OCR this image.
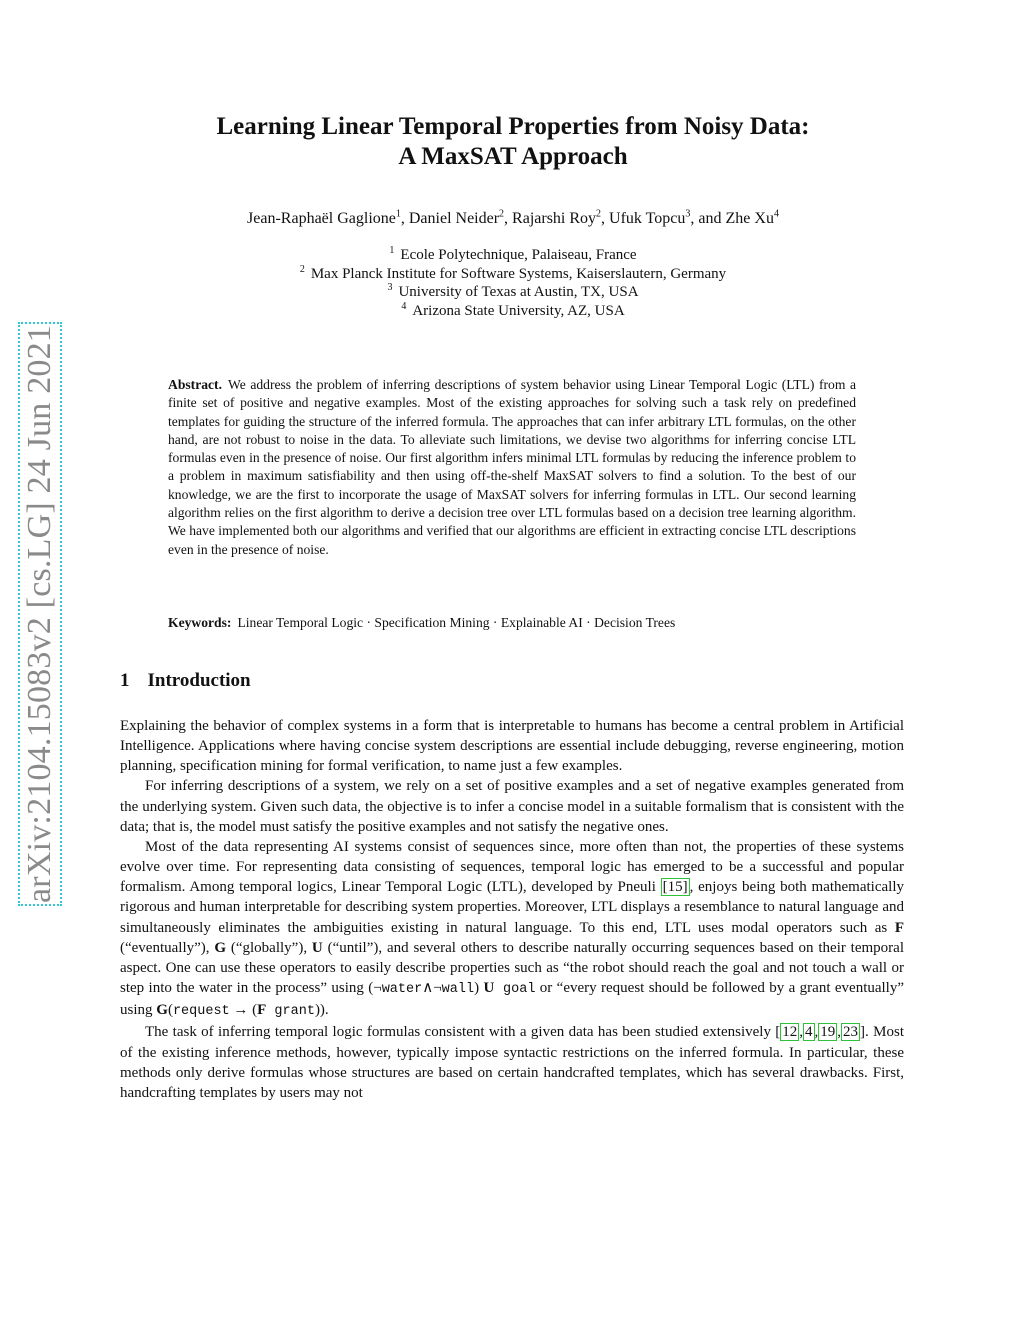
arXiv:2104.15083v2 [cs.LG] 24 Jun 2021
Learning Linear Temporal Properties from Noisy Data:
A MaxSAT Approach
Jean-Raphaël Gaglione$^1$, Daniel Neider$^2$, Rajarshi Roy$^2$, Ufuk Topcu$^3$, and Zhe Xu$^4$
$^1$ Ecole Polytechnique, Palaiseau, France
$^2$ Max Planck Institute for Software Systems, Kaiserslautern, Germany
$^3$ University of Texas at Austin, TX, USA
$^4$ Arizona State University, AZ, USA
Abstract. We address the problem of inferring descriptions of system behavior using Linear Temporal Logic (LTL) from a finite set of positive and negative examples. Most of the existing approaches for solving such a task rely on predefined templates for guiding the structure of the inferred formula. The approaches that can infer arbitrary LTL formulas, on the other hand, are not robust to noise in the data. To alleviate such limitations, we devise two algorithms for inferring concise LTL formulas even in the presence of noise. Our first algorithm infers minimal LTL formulas by reducing the inference problem to a problem in maximum satisfiability and then using off-the-shelf MaxSAT solvers to find a solution. To the best of our knowledge, we are the first to incorporate the usage of MaxSAT solvers for inferring formulas in LTL. Our second learning algorithm relies on the first algorithm to derive a decision tree over LTL formulas based on a decision tree learning algorithm. We have implemented both our algorithms and verified that our algorithms are efficient in extracting concise LTL descriptions even in the presence of noise.
Keywords: Linear Temporal Logic · Specification Mining · Explainable AI · Decision Trees
1 Introduction

Explaining the behavior of complex systems in a form that is interpretable to humans has become a central problem in Artificial Intelligence. Applications where having concise system descriptions are essential include debugging, reverse engineering, motion planning, specification mining for formal verification, to name just a few examples.

For inferring descriptions of a system, we rely on a set of positive examples and a set of negative examples generated from the underlying system. Given such data, the objective is to infer a concise model in a suitable formalism that is consistent with the data; that is, the model must satisfy the positive examples and not satisfy the negative ones.

Most of the data representing AI systems consist of sequences since, more often than not, the properties of these systems evolve over time. For representing data consisting of sequences, temporal logic has emerged to be a successful and popular formalism. Among temporal logics, Linear Temporal Logic (LTL), developed by Pneuli [15] , enjoys being both mathematically rigorous and human interpretable for describing system properties. Moreover, LTL displays a resemblance to natural language and simultaneously eliminates the ambiguities existing in natural language. To this end, LTL uses modal operators such as F (“eventually”), G (“globally”), U (“until”), and several others to describe naturally occurring sequences based on their temporal aspect. One can use these operators to easily describe properties such as “the robot should reach the goal and not touch a wall or step into the water in the process” using (¬water∧¬wall) U goal or “every request should be followed by a grant eventually” using G(request → (F grant)).

The task of inferring temporal logic formulas consistent with a given data has been studied extensively [ 12 , 4 , 19 , 23 ]. Most of the existing inference methods, however, typically impose syntactic restrictions on the inferred formula. In particular, these methods only derive formulas whose structures are based on certain handcrafted templates, which has several drawbacks. First, handcrafting templates by users may not
